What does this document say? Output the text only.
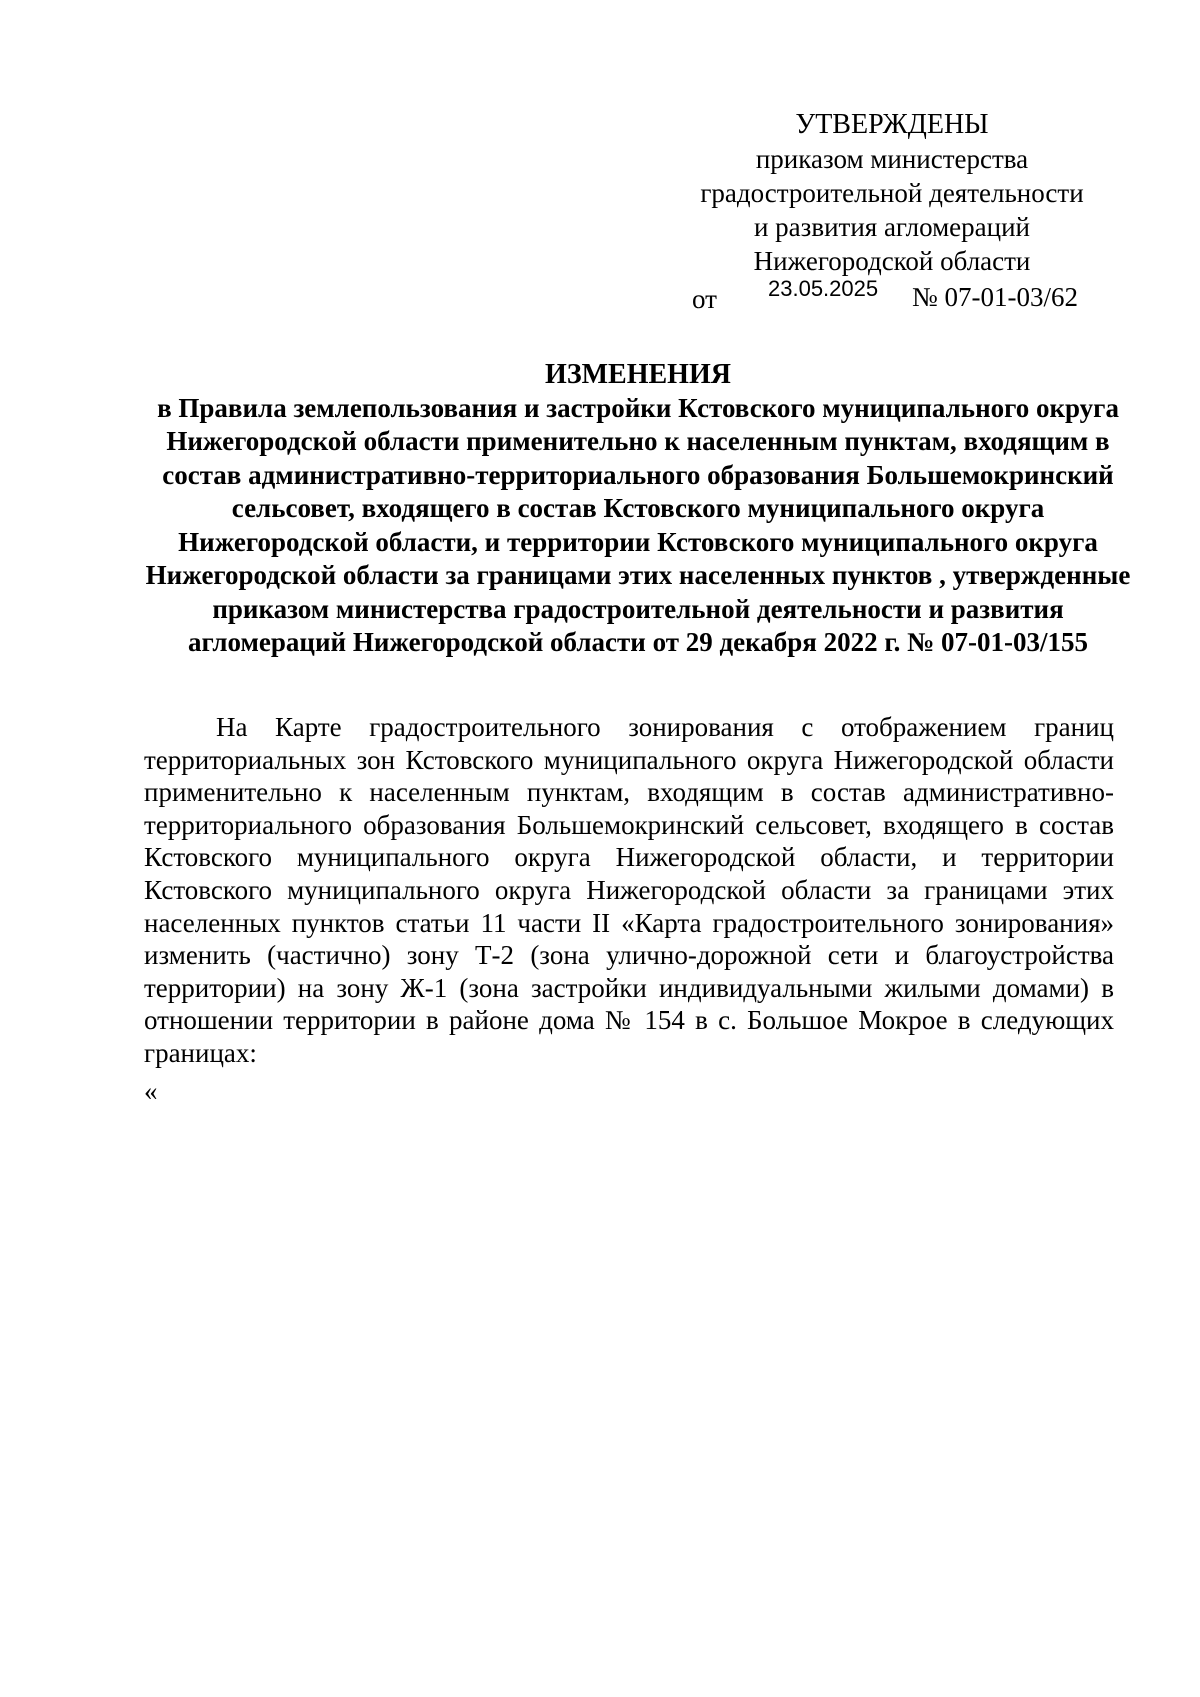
УТВЕРЖДЕНЫ
приказом министерства
градостроительной деятельности
и развития агломераций
Нижегородской области
от 23.05.2025 № 07-01-03/62
ИЗМЕНЕНИЯ
в Правила землепользования и застройки Кстовского муниципального округа Нижегородской области применительно к населенным пунктам, входящим в состав административно-территориального образования Большемокринский сельсовет, входящего в состав Кстовского муниципального округа Нижегородской области, и территории Кстовского муниципального округа Нижегородской области за границами этих населенных пунктов , утвержденные приказом министерства градостроительной деятельности и развития агломераций Нижегородской области от 29 декабря 2022 г. № 07-01-03/155

На Карте градостроительного зонирования с отображением границ территориальных зон Кстовского муниципального округа Нижегородской области применительно к населенным пунктам, входящим в состав административно-территориального образования Большемокринский сельсовет, входящего в состав Кстовского муниципального округа Нижегородской области, и территории Кстовского муниципального округа Нижегородской области за границами этих населенных пунктов статьи 11 части II «Карта градостроительного зонирования» изменить (частично) зону Т-2 (зона улично-дорожной сети и благоустройства территории) на зону Ж-1 (зона застройки индивидуальными жилыми домами) в отношении территории в районе дома № 154 в с. Большое Мокрое в следующих границах:

«
